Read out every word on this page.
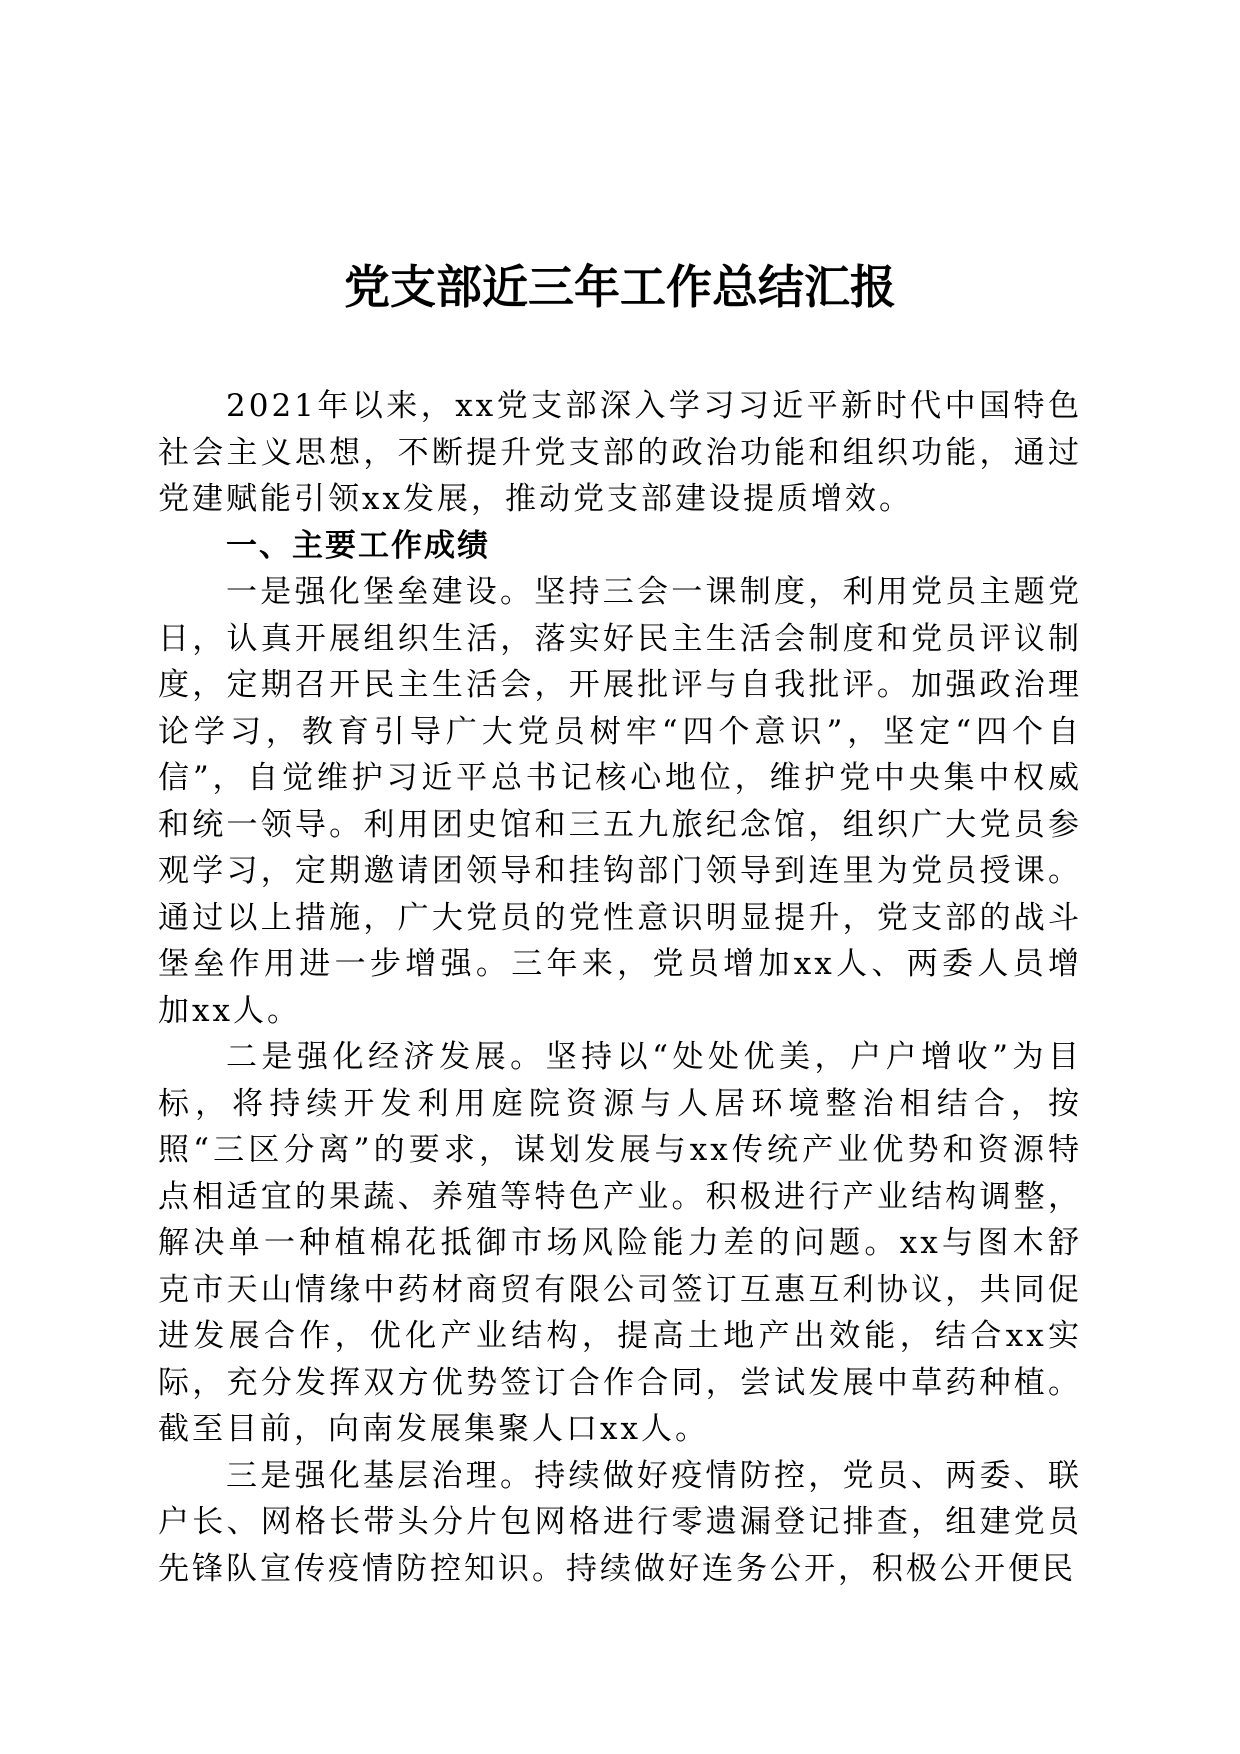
党支部近三年工作总结汇报

2021年以来，xx党支部深入学习习近平新时代中国特色社会主义思想，不断提升党支部的政治功能和组织功能，通过党建赋能引领xx发展，推动党支部建设提质增效。

一、主要工作成绩

一是强化堡垒建设。坚持三会一课制度，利用党员主题党日，认真开展组织生活，落实好民主生活会制度和党员评议制度，定期召开民主生活会，开展批评与自我批评。加强政治理论学习，教育引导广大党员树牢“四个意识”，坚定“四个自信”，自觉维护习近平总书记核心地位，维护党中央集中权威和统一领导。利用团史馆和三五九旅纪念馆，组织广大党员参观学习，定期邀请团领导和挂钩部门领导到连里为党员授课。通过以上措施，广大党员的党性意识明显提升，党支部的战斗堡垒作用进一步增强。三年来，党员增加xx人、两委人员增加xx人。

二是强化经济发展。坚持以“处处优美，户户增收”为目标，将持续开发利用庭院资源与人居环境整治相结合，按照“三区分离”的要求，谋划发展与xx传统产业优势和资源特点相适宜的果蔬、养殖等特色产业。积极进行产业结构调整，解决单一种植棉花抵御市场风险能力差的问题。xx与图木舒克市天山情缘中药材商贸有限公司签订互惠互利协议，共同促进发展合作，优化产业结构，提高土地产出效能，结合xx实际，充分发挥双方优势签订合作合同，尝试发展中草药种植。截至目前，向南发展集聚人口xx人。

三是强化基层治理。持续做好疫情防控，党员、两委、联户长、网格长带头分片包网格进行零遗漏登记排查，组建党员先锋队宣传疫情防控知识。持续做好连务公开，积极公开便民
